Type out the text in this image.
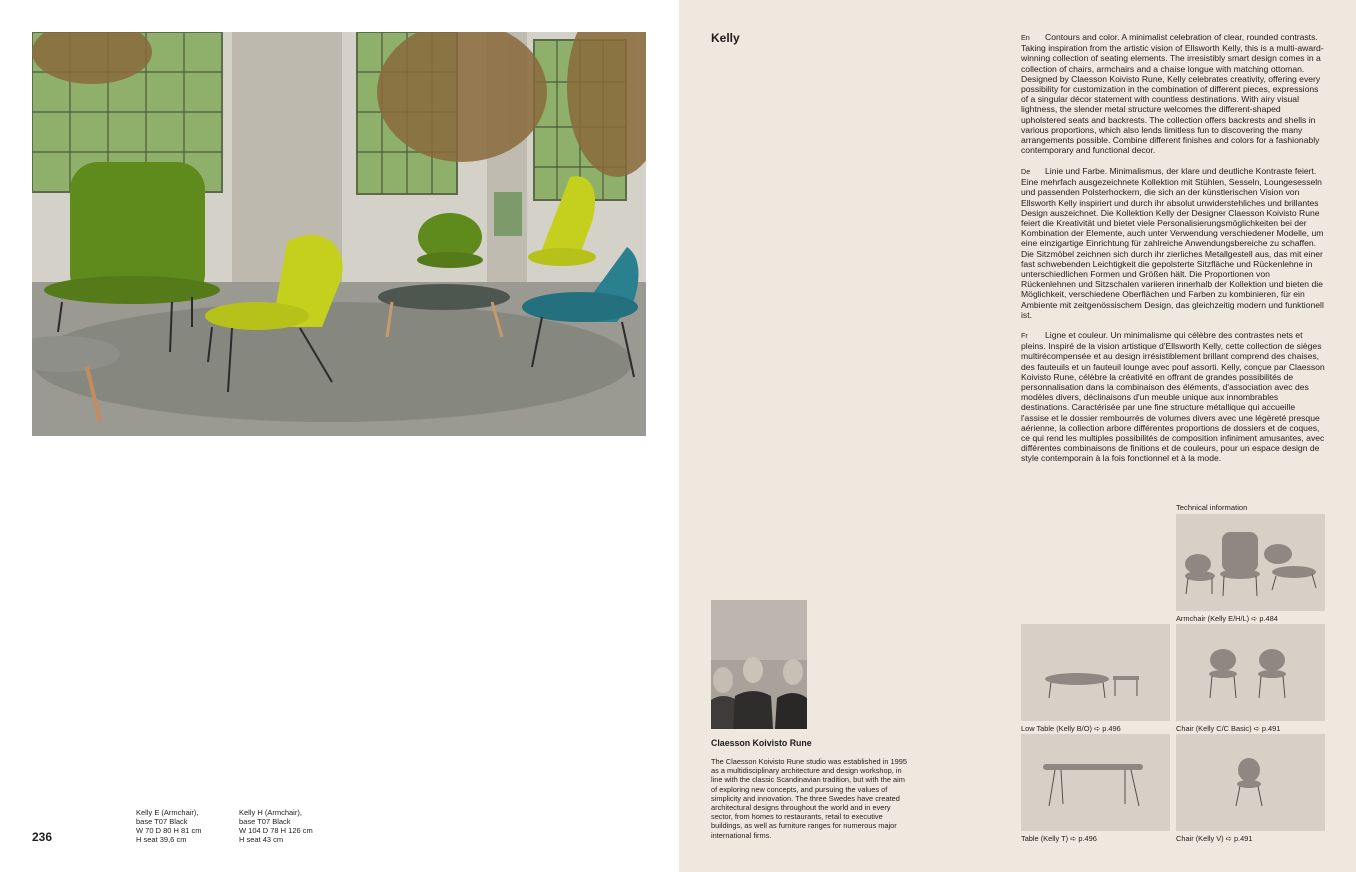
Kelly E (Armchair),
base T07 Black
W 70 D 80 H 81 cm
H seat 39,6 cm
Kelly H (Armchair),
base T07 Black
W 104 D 78 H 126 cm
H seat 43 cm
236
Kelly	En Contours and color. A minimalist celebration of clear, rounded contrasts. Taking inspiration from the artistic vision of Ellsworth Kelly, this is a multi-award-winning collection of seating elements. The irresistibly smart design comes in a collection of chairs, armchairs and a chaise longue with matching ottoman. Designed by Claesson Koivisto Rune, Kelly celebrates creativity, offering every possibility for customization in the combination of different pieces, expressions of a singular décor statement with countless destinations. With airy visual lightness, the slender metal structure welcomes the different-shaped upholstered seats and backrests. The collection offers backrests and shells in various proportions, which also lends limitless fun to discovering the many arrangements possible. Combine different finishes and colors for a fashionably contemporary and functional decor.
De Linie und Farbe. Minimalismus, der klare und deutliche Kontraste feiert. Eine mehrfach ausgezeichnete Kollektion mit Stühlen, Sesseln, Loungesesseln und passenden Polsterhockern, die sich an der künstlerischen Vision von Ellsworth Kelly inspiriert und durch ihr absolut unwiderstehliches und brillantes Design auszeichnet. Die Kollektion Kelly der Designer Claesson Koivisto Rune feiert die Kreativität und bietet viele Personalisierungsmöglichkeiten bei der Kombination der Elemente, auch unter Verwendung verschiedener Modelle, um eine einzigartige Einrichtung für zahlreiche Anwendungsbereiche zu schaffen. Die Sitzmöbel zeichnen sich durch ihr zierliches Metallgestell aus, das mit einer fast schwebenden Leichtigkeit die gepolsterte Sitzfläche und Rückenlehne in unterschiedlichen Formen und Größen hält. Die Proportionen von Rückenlehnen und Sitzschalen variieren innerhalb der Kollektion und bieten die Möglichkeit, verschiedene Oberflächen und Farben zu kombinieren, für ein Ambiente mit zeitgenössischem Design, das gleichzeitig modern und funktionell ist.
Fr Ligne et couleur. Un minimalisme qui célèbre des contrastes nets et pleins. Inspiré de la vision artistique d'Ellsworth Kelly, cette collection de sièges multirécompensée et au design irrésistiblement brillant comprend des chaises, des fauteuils et un fauteuil lounge avec pouf assorti. Kelly, conçue par Claesson Koivisto Rune, célèbre la créativité en offrant de grandes possibilités de personnalisation dans la combinaison des éléments, d'association avec des modèles divers, déclinaisons d'un meuble unique aux innombrables destinations. Caractérisée par une fine structure métallique qui accueille l'assise et le dossier rembourrés de volumes divers avec une légèreté presque aérienne, la collection arbore différentes proportions de dossiers et de coques, ce qui rend les multiples possibilités de composition infiniment amusantes, avec différentes combinaisons de finitions et de couleurs, pour un espace design de style contemporain à la fois fonctionnel et à la mode.
Claesson Koivisto Rune
The Claesson Koivisto Rune studio was established in 1995 as a multidisciplinary architecture and design workshop, in line with the classic Scandinavian tradition, but with the aim of exploring new concepts, and pursuing the values of simplicity and innovation. The three Swedes have created architectural designs throughout the world and in every sector, from homes to restaurants, retail to executive buildings, as well as furniture ranges for numerous major international firms.
Technical information
Armchair (Kelly E/H/L) ➪ p.484
Low Table (Kelly B/O) ➪ p.496	Chair (Kelly C/C Basic) ➪ p.491
Table (Kelly T) ➪ p.496	Chair (Kelly V) ➪ p.491
